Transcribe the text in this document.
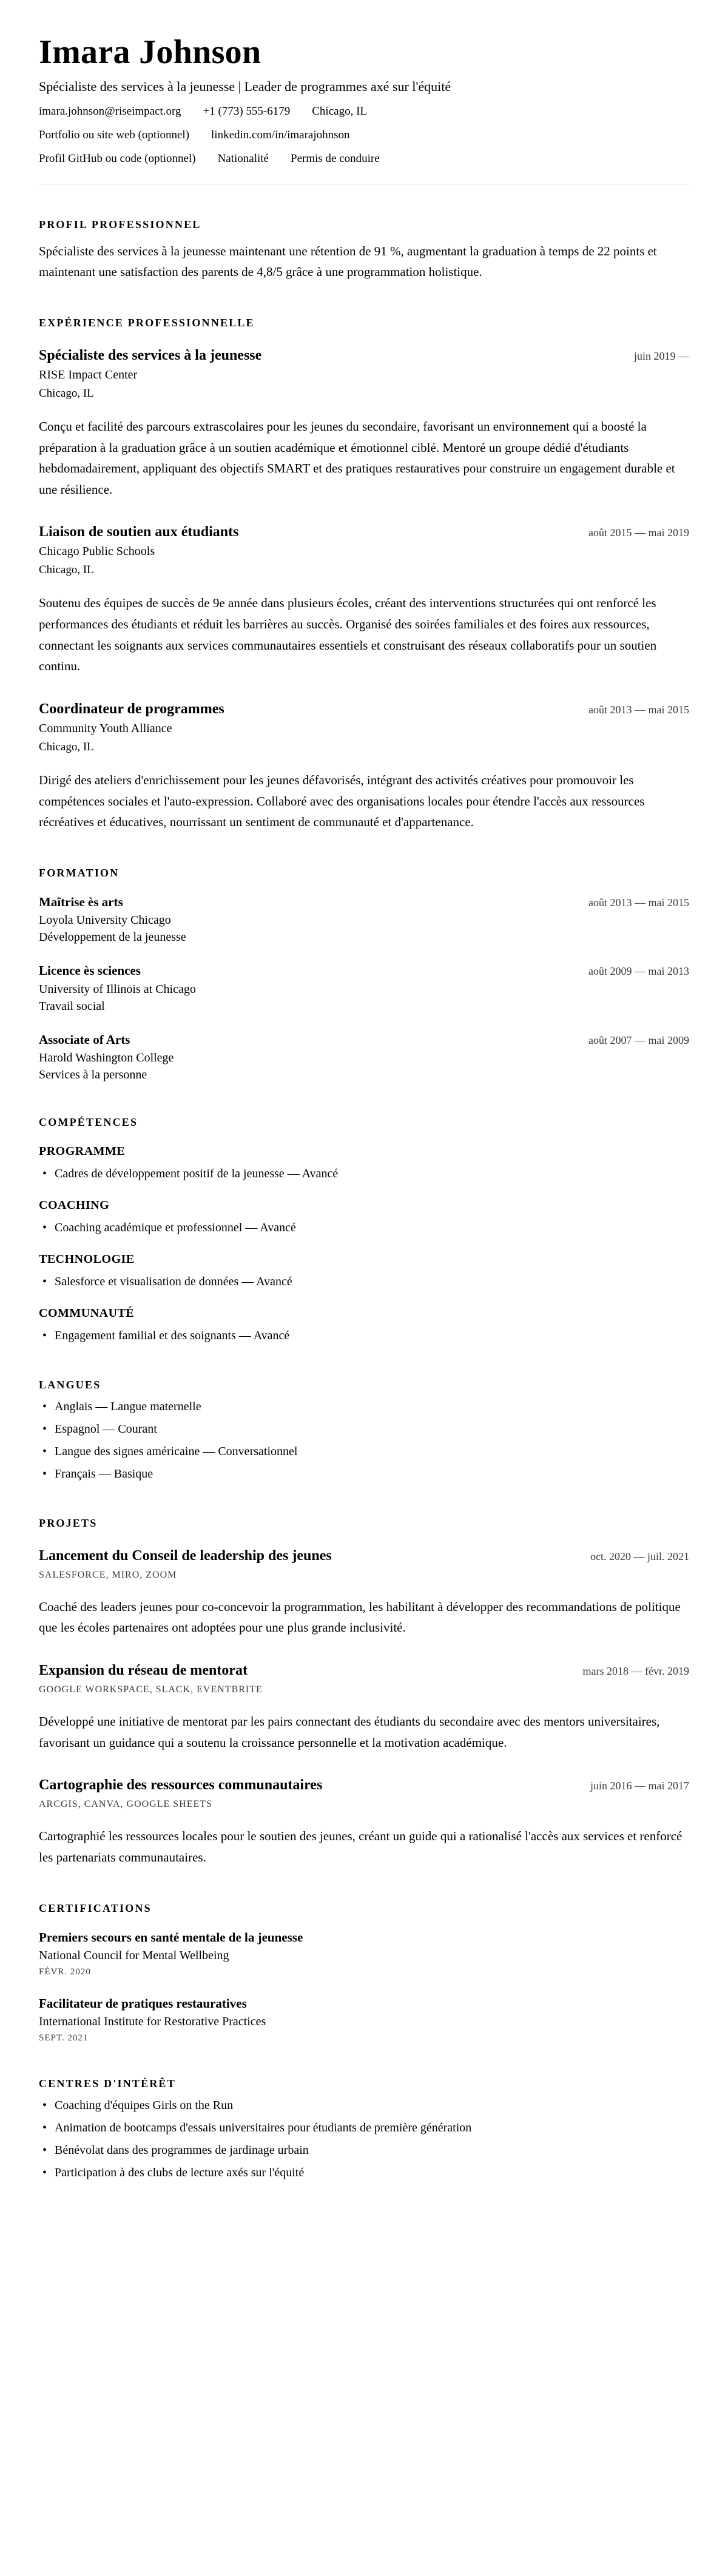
Imara Johnson

Spécialiste des services à la jeunesse | Leader de programmes axé sur l'équité

imara.johnson@riseimpact.org +1 (773) 555-6179 Chicago, IL
Portfolio ou site web (optionnel) linkedin.com/in/imarajohnson
Profil GitHub ou code (optionnel) Nationalité Permis de conduire
PROFIL PROFESSIONNEL

Spécialiste des services à la jeunesse maintenant une rétention de 91 %, augmentant la graduation à temps de 22 points et maintenant une satisfaction des parents de 4,8/5 grâce à une programmation holistique.

EXPÉRIENCE PROFESSIONNELLE
Spécialiste des services à la jeunesse	juin 2019 —

RISE Impact Center

Chicago, IL

Conçu et facilité des parcours extrascolaires pour les jeunes du secondaire, favorisant un environnement qui a boosté la préparation à la graduation grâce à un soutien académique et émotionnel ciblé. Mentoré un groupe dédié d'étudiants hebdomadairement, appliquant des objectifs SMART et des pratiques restauratives pour construire un engagement durable et une résilience.

Liaison de soutien aux étudiants	août 2015 — mai 2019

Chicago Public Schools

Chicago, IL

Soutenu des équipes de succès de 9e année dans plusieurs écoles, créant des interventions structurées qui ont renforcé les performances des étudiants et réduit les barrières au succès. Organisé des soirées familiales et des foires aux ressources, connectant les soignants aux services communautaires essentiels et construisant des réseaux collaboratifs pour un soutien continu.

Coordinateur de programmes	août 2013 — mai 2015

Community Youth Alliance

Chicago, IL

Dirigé des ateliers d'enrichissement pour les jeunes défavorisés, intégrant des activités créatives pour promouvoir les compétences sociales et l'auto-expression. Collaboré avec des organisations locales pour étendre l'accès aux ressources récréatives et éducatives, nourrissant un sentiment de communauté et d'appartenance.

FORMATION
Maîtrise ès arts	août 2013 — mai 2015

Loyola University Chicago

Développement de la jeunesse

Licence ès sciences	août 2009 — mai 2013

University of Illinois at Chicago

Travail social

Associate of Arts	août 2007 — mai 2009

Harold Washington College

Services à la personne

COMPÉTENCES
PROGRAMME
• Cadres de développement positif de la jeunesse — Avancé
COACHING
• Coaching académique et professionnel — Avancé
TECHNOLOGIE
• Salesforce et visualisation de données — Avancé
COMMUNAUTÉ
• Engagement familial et des soignants — Avancé
LANGUES
• Anglais — Langue maternelle
• Espagnol — Courant
• Langue des signes américaine — Conversationnel
• Français — Basique
PROJETS
Lancement du Conseil de leadership des jeunes	oct. 2020 — juil. 2021

SALESFORCE, MIRO, ZOOM

Coaché des leaders jeunes pour co-concevoir la programmation, les habilitant à développer des recommandations de politique que les écoles partenaires ont adoptées pour une plus grande inclusivité.

Expansion du réseau de mentorat	mars 2018 — févr. 2019

GOOGLE WORKSPACE, SLACK, EVENTBRITE

Développé une initiative de mentorat par les pairs connectant des étudiants du secondaire avec des mentors universitaires, favorisant un guidance qui a soutenu la croissance personnelle et la motivation académique.

Cartographie des ressources communautaires	juin 2016 — mai 2017

ARCGIS, CANVA, GOOGLE SHEETS

Cartographié les ressources locales pour le soutien des jeunes, créant un guide qui a rationalisé l'accès aux services et renforcé les partenariats communautaires.

CERTIFICATIONS
Premiers secours en santé mentale de la jeunesse

National Council for Mental Wellbeing

FÉVR. 2020

Facilitateur de pratiques restauratives

International Institute for Restorative Practices

SEPT. 2021

CENTRES D'INTÉRÊT
• Coaching d'équipes Girls on the Run
• Animation de bootcamps d'essais universitaires pour étudiants de première génération
• Bénévolat dans des programmes de jardinage urbain
• Participation à des clubs de lecture axés sur l'équité
